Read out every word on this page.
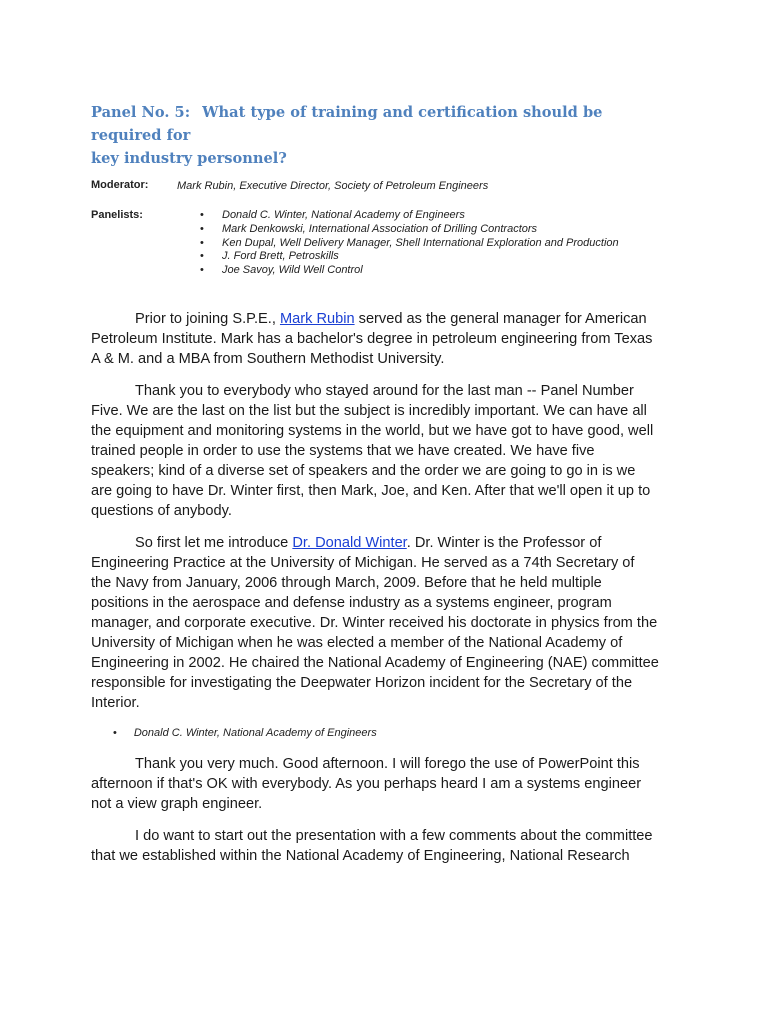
Panel No. 5: What type of training and certification should be required for
key industry personnel?
Moderator:	Mark Rubin, Executive Director, Society of Petroleum Engineers
Panelists:	• Donald C. Winter, National Academy of Engineers
• Mark Denkowski, International Association of Drilling Contractors
• Ken Dupal, Well Delivery Manager, Shell International Exploration and Production
• J. Ford Brett, Petroskills
• Joe Savoy, Wild Well Control

Prior to joining S.P.E., Mark Rubin served as the general manager for American

Petroleum Institute. Mark has a bachelor's degree in petroleum engineering from Texas

A & M. and a MBA from Southern Methodist University.

Thank you to everybody who stayed around for the last man -- Panel Number

Five. We are the last on the list but the subject is incredibly important. We can have all

the equipment and monitoring systems in the world, but we have got to have good, well

trained people in order to use the systems that we have created. We have five

speakers; kind of a diverse set of speakers and the order we are going to go in is we

are going to have Dr. Winter first, then Mark, Joe, and Ken. After that we'll open it up to

questions of anybody.

So first let me introduce Dr. Donald Winter. Dr. Winter is the Professor of

Engineering Practice at the University of Michigan. He served as a 74th Secretary of

the Navy from January, 2006 through March, 2009. Before that he held multiple

positions in the aerospace and defense industry as a systems engineer, program

manager, and corporate executive. Dr. Winter received his doctorate in physics from the

University of Michigan when he was elected a member of the National Academy of

Engineering in 2002. He chaired the National Academy of Engineering (NAE) committee

responsible for investigating the Deepwater Horizon incident for the Secretary of the

Interior.

• Donald C. Winter, National Academy of Engineers

Thank you very much. Good afternoon. I will forego the use of PowerPoint this

afternoon if that's OK with everybody. As you perhaps heard I am a systems engineer

not a view graph engineer.

I do want to start out the presentation with a few comments about the committee

that we established within the National Academy of Engineering, National Research
